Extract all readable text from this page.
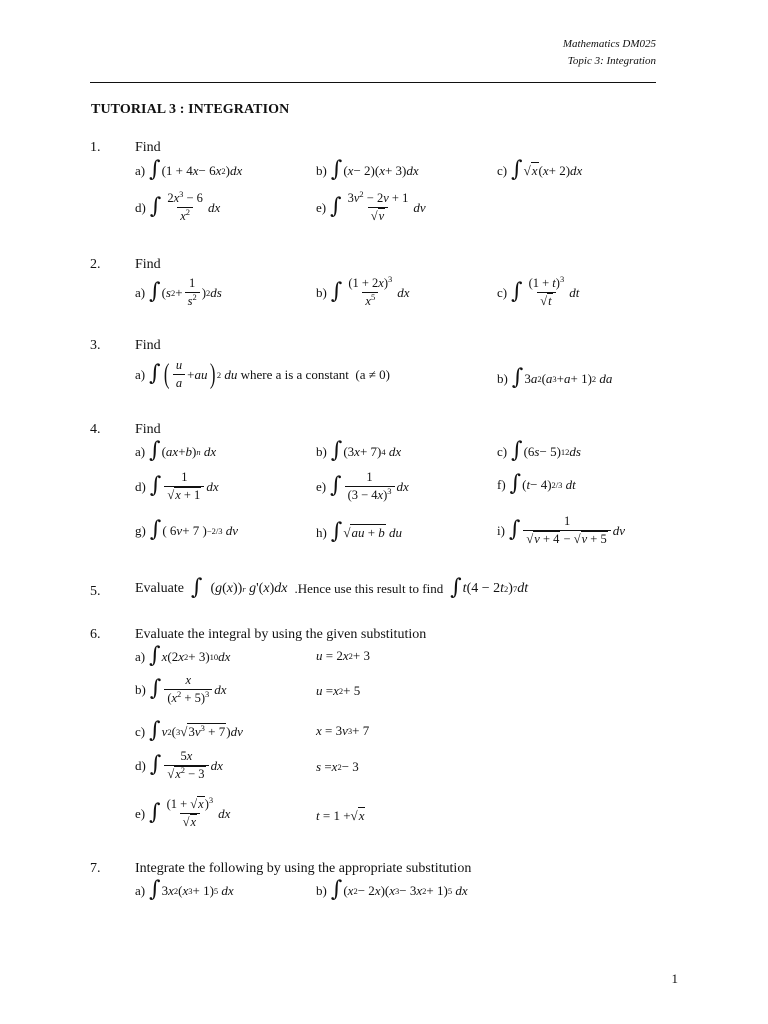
Mathematics DM025
Topic 3: Integration
TUTORIAL 3 : INTEGRATION
1. Find
a) ∫ (1 + 4 x − 6 x 2 ) dx	b) ∫ ( x − 2)( x + 3) dx	c) ∫ √x ( x + 2) dx
d) ∫ $\frac{2x^3 - 6}{x^2}$ dx	e) ∫ $\frac{3v^2 - 2v + 1}{√v}$ dv
2. Find
a) ∫ ( s $2 + \frac{1}{s^2}$ ) 2 ds	b) ∫ $\frac{(1 + 2x)^3}{x^5}$ dx	c) ∫ $\frac{(1 + t)^3}{√t}$ dt
3. Find
a) ∫ ( $\frac{u}{a}$ + au ) 2
du
where a is a constant
(a ≠ 0)	b) ∫ 3 a 2 ( a 3 + a + 1) 2
da
4. Find
a) ∫ ( ax + b ) n
dx	b) ∫ (3 x + 7) 4
dx	c) ∫ (6 s − 5) 12 ds
d) ∫ $\frac{1}{√x + 1}$ dx	e) ∫ $\frac{1}{(3 - 4x)^3}$ dx	f) ∫ ( t − 4) 2/3
dt
g) ∫ ( 6 v + 7 ) −2/3
dv	h) ∫ √au + b
du	i) ∫ $\frac{1}{√v + 4 - √v + 5}$ dv
5. Evaluate
∫ ( g ( x )) r
g '( x ) dx
.Hence use this result to find
∫ t (4 − 2 t 2 ) 7 dt
6. Evaluate the integral by using the given substitution
a) ∫ x (2 x 2 + 3) 10 dx	u = 2 x 2 + 3
b) ∫ $\frac{x}{(x^2 + 5)^3}$ dx	u = x 2 + 5
c) ∫ v 2 ( 3 $√3v^3 + 7$ ) dv	x = 3 v 3 + 7
d) ∫ $\frac{5x}{√x^2 - 3}$ dx	s = x 2 − 3
e) ∫ $\frac{(1 + √x)^3}{√x}$ dx	t = 1 + √x
7. Integrate the following by using the appropriate substitution
a) ∫ 3 x 2 ( x 3 + 1) 5
dx	b) ∫ ( x 2 − 2 x )( x 3 − 3 x 2 + 1) 5
dx
1
